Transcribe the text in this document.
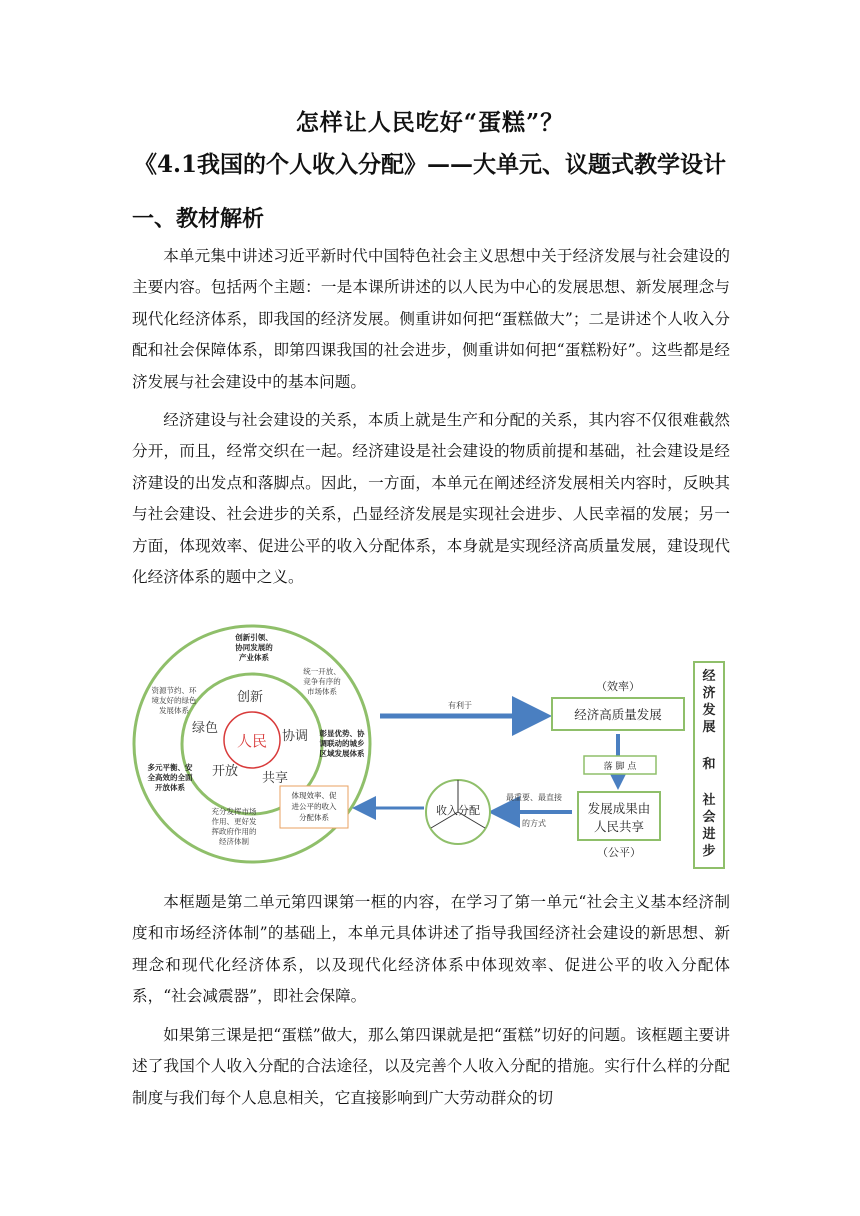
怎样让人民吃好“蛋糕”？
《4.1我国的个人收入分配》——大单元、议题式教学设计
一、教材解析

本单元集中讲述习近平新时代中国特色社会主义思想中关于经济发展与社会建设的主要内容。包括两个主题：一是本课所讲述的以人民为中心的发展思想、新发展理念与现代化经济体系，即我国的经济发展。侧重讲如何把“蛋糕做大”；二是讲述个人收入分配和社会保障体系，即第四课我国的社会进步，侧重讲如何把“蛋糕粉好”。这些都是经济发展与社会建设中的基本问题。

经济建设与社会建设的关系，本质上就是生产和分配的关系，其内容不仅很难截然分开，而且，经常交织在一起。经济建设是社会建设的物质前提和基础，社会建设是经济建设的出发点和落脚点。因此，一方面，本单元在阐述经济发展相关内容时，反映其与社会建设、社会进步的关系，凸显经济发展是实现社会进步、人民幸福的发展；另一方面，体现效率、促进公平的收入分配体系，本身就是实现经济高质量发展，建设现代化经济体系的题中之义。

人民
创新
协调
共享
开放
绿色
创新引领、
协同发展的
产业体系
彰显优势、协
调联动的城乡
区域发展体系
多元平衡、安
全高效的全面
开放体系
统一开放、
竞争有序的
市场体系
资源节约、环
境友好的绿色
发展体系
充分发挥市场
作用、更好发
挥政府作用的
经济体制
体现效率、促
进公平的收入
分配体系
有利于
（效率）
经济高质量发展
落 脚 点
发展成果由
人民共享
（公平）
最重要、最直接
的方式
收入分配
经
济
发
展
和
社
会
进
步

本框题是第二单元第四课第一框的内容，在学习了第一单元“社会主义基本经济制度和市场经济体制”的基础上，本单元具体讲述了指导我国经济社会建设的新思想、新理念和现代化经济体系，以及现代化经济体系中体现效率、促进公平的收入分配体系，“社会减震器”，即社会保障。

如果第三课是把“蛋糕”做大，那么第四课就是把“蛋糕”切好的问题。该框题主要讲述了我国个人收入分配的合法途径，以及完善个人收入分配的措施。实行什么样的分配制度与我们每个人息息相关，它直接影响到广大劳动群众的切
